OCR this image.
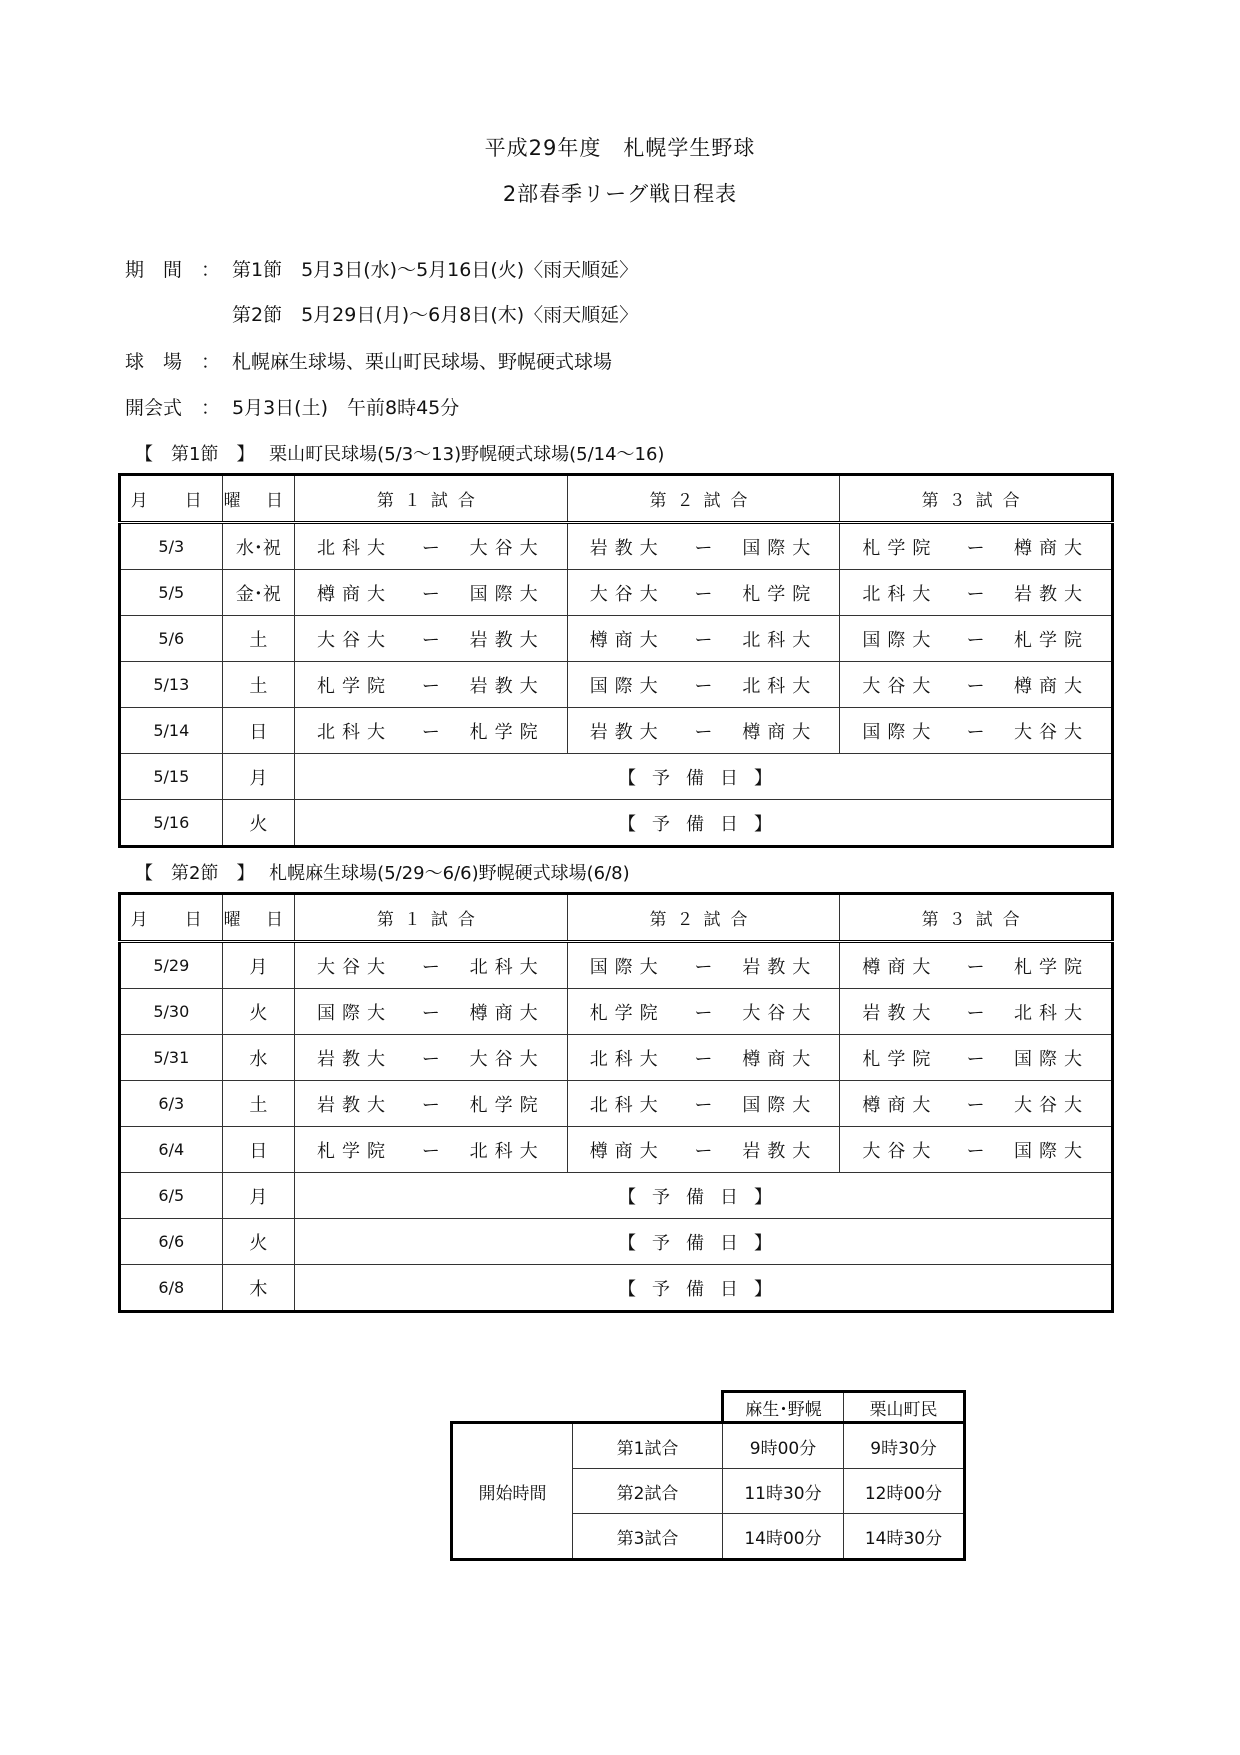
平成29年度　札幌学生野球
2部春季リーグ戦日程表
期　間　： 第1節　5月3日(水)～5月16日(火)〈雨天順延〉
第2節　5月29日(月)～6月8日(木)〈雨天順延〉
球　場　： 札幌麻生球場、栗山町民球場、野幌硬式球場
開会式　： 5月3日(土)　午前8時45分
【　第1節　】　 栗山町民球場(5/3～13)野幌硬式球場(5/14～16)
月　日	曜 日	第１試合	第２試合	第３試合
5/3	水･祝	北科大 ー 大谷大	岩教大 ー 国際大	札学院 ー 樽商大

5/5	金･祝	樽商大 ー 国際大	大谷大 ー 札学院	北科大 ー 岩教大

5/6	土	大谷大 ー 岩教大	樽商大 ー 北科大	国際大 ー 札学院

5/13	土	札学院 ー 岩教大	国際大 ー 北科大	大谷大 ー 樽商大

5/14	日	北科大 ー 札学院	岩教大 ー 樽商大	国際大 ー 大谷大

5/15	月	【予備日】		
5/16	火	【予備日】		
【　第2節　】　 札幌麻生球場(5/29～6/6)野幌硬式球場(6/8)
月　日	曜 日	第１試合	第２試合	第３試合
5/29	月	大谷大 ー 北科大	国際大 ー 岩教大	樽商大 ー 札学院

5/30	火	国際大 ー 樽商大	札学院 ー 大谷大	岩教大 ー 北科大

5/31	水	岩教大 ー 大谷大	北科大 ー 樽商大	札学院 ー 国際大

6/3	土	岩教大 ー 札学院	北科大 ー 国際大	樽商大 ー 大谷大

6/4	日	札学院 ー 北科大	樽商大 ー 岩教大	大谷大 ー 国際大

6/5	月	【予備日】		
6/6	火	【予備日】		
6/8	木	【予備日】		
		麻生･野幌	栗山町民
開始時間	第1試合	9時00分	9時30分
	第2試合	11時30分	12時00分
	第3試合	14時00分	14時30分
